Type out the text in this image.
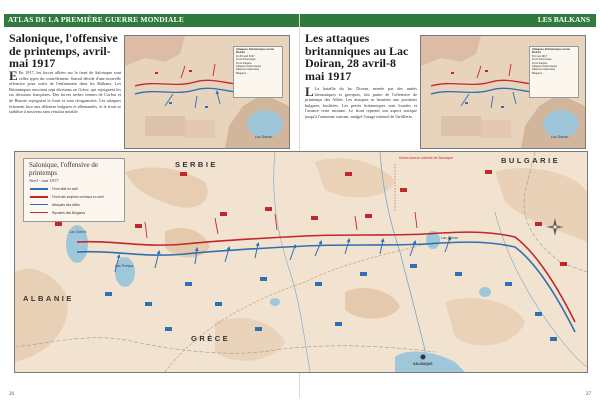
ATLAS DE LA PREMIÈRE GUERRE MONDIALE	LES BALKANS
Salonique, l'offensive de printemps, avril-mai 1917
E En 1917, les forces alliées sur le front de Salonique sont celles types du contrôlement. Sarrail décide d'une nouvelle offensive pour sortir de l'enlisement dans les Balkans. Les Britanniques envoient sept divisions en Grèce, qui rejoignent les six divisions françaises. Des forces serbes venues de Corfou et de Bizerte rejoignent le front et sont réorganisées. Les attaques échouent face aux défenses bulgares et allemandes, et le front se stabilise à nouveau sans résultat notable.
Les attaques britanniques au Lac Doiran, 28 avril-8 mai 1917
L La bataille du lac Doiran, menée par des unités britanniques et grecques, fait partie de l'offensive de printemps des Alliés. Les attaques se heurtent aux positions bulgares fortifiées. Les pertes britanniques sont lourdes et l'avance reste minime. Le front reprend son aspect statique jusqu'à l'automne suivant, malgré l'usage intensif de l'artillerie.
Attaques britanniques au lac Doiran
24-25 avril 1917
Front britannique
Front bulgare
Attaques britanniques
Défense britannique
Bulgares
Lac Doiran
Attaques britanniques au lac Doiran
8-9 mai 1917
Front britannique
Front bulgare
Attaques britanniques
Défense britannique
Bulgares
Lac Doiran
Salonique, l'offensive de printemps
Avril - mai 1917
Front allié en avril
Front des empires centraux en avril
Attaques des Alliés
Ripostes des Bulgares
SERBIE	BULGARIE
ALBANIE
GRÈCE
Lac Ochrid
Lac Prespa
Lac Doiran
SALONIQUE
Doiran sous le contrôle de Salonique
26	27
